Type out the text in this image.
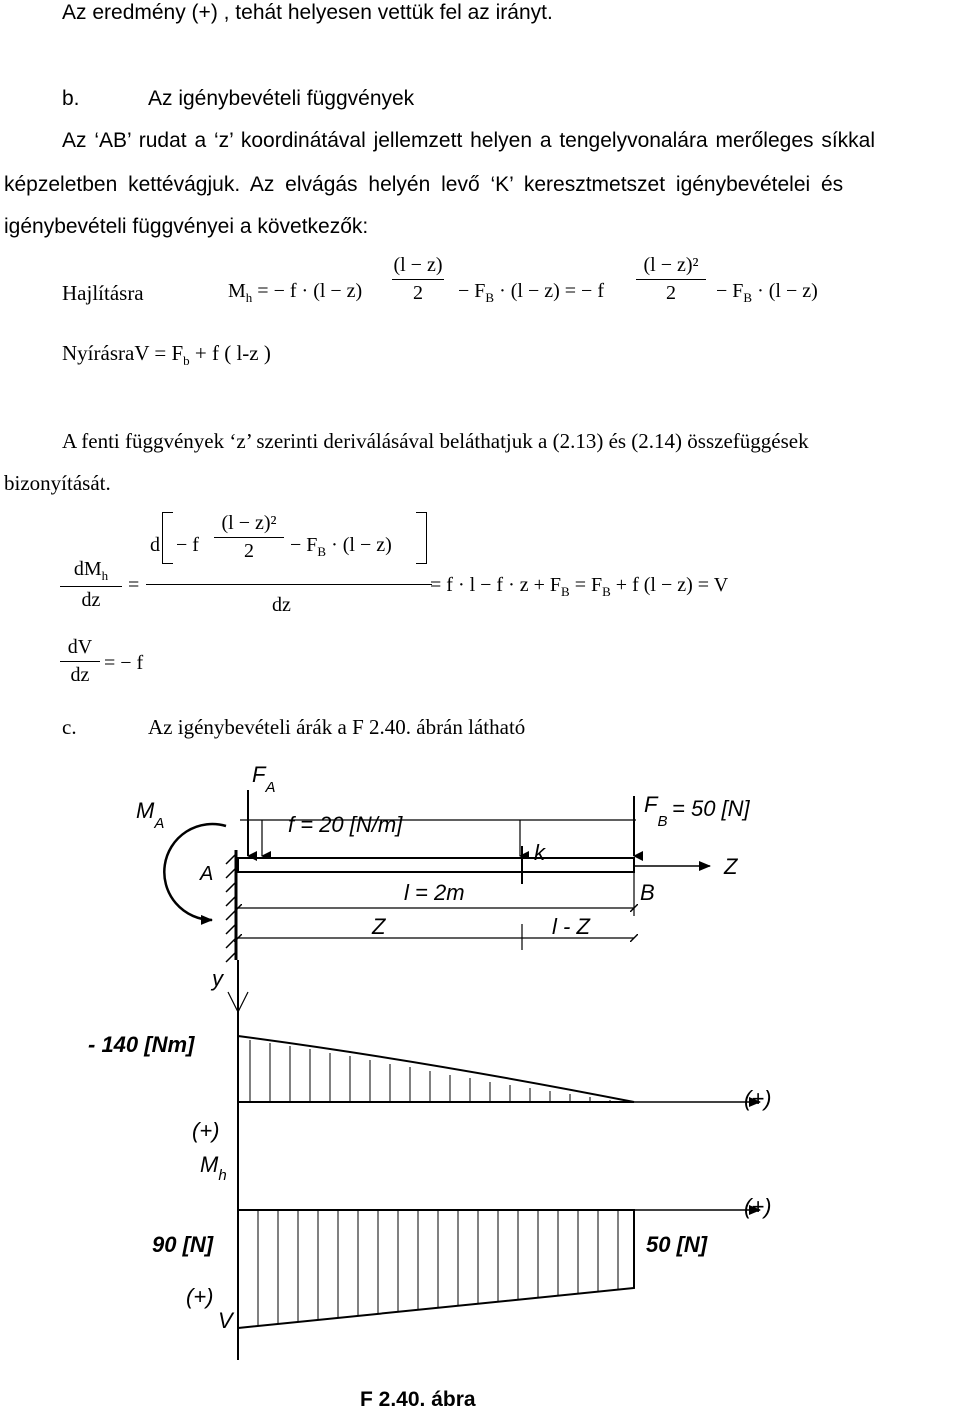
Az eredmény (+) , tehát helyesen vettük fel az irányt.
b.	Az igénybevételi függvények
Az ‘AB’ rudat a ‘z’ koordinátával jellemzett helyen a tengelyvonalára merőleges síkkal
képzeletben kettévágjuk. Az elvágás helyén levő ‘K’ keresztmetszet igénybevételei és
igénybevételi függvényei a következők:
Hajlításra	$M_h$ = − f · (l − z)
(l − z)
2	− $F_B \cdot (l - z)$ = − f
(l − z)²
2	− $F_B \cdot (l - z)$
NyírásraV = $F_b + f$ ( l-z )
A fenti függvények ‘z’ szerinti deriválásával beláthatjuk a (2.13) és (2.14) összefüggések
bizonyítását.
$dM_h$
dz
=
d − f
(l − z)²
2	− $F_B \cdot (l - z)$
dz
= $f \cdot l - f \cdot z + F_B = F_B + f$ (l − z) = V
dV
dz
= − f
c.	Az igénybevételi árák a F 2.40. ábrán látható
$F_A$
$F_B$
= 50 [N]
f = 20 [N/m]
$M_A$
A
k
Z
l = 2m	B
Z	l - Z
y
- 140 [Nm]
(+)
(+)
$M_h$
(+)
90 [N]	50 [N]
(+)
V
F 2.40. ábra
